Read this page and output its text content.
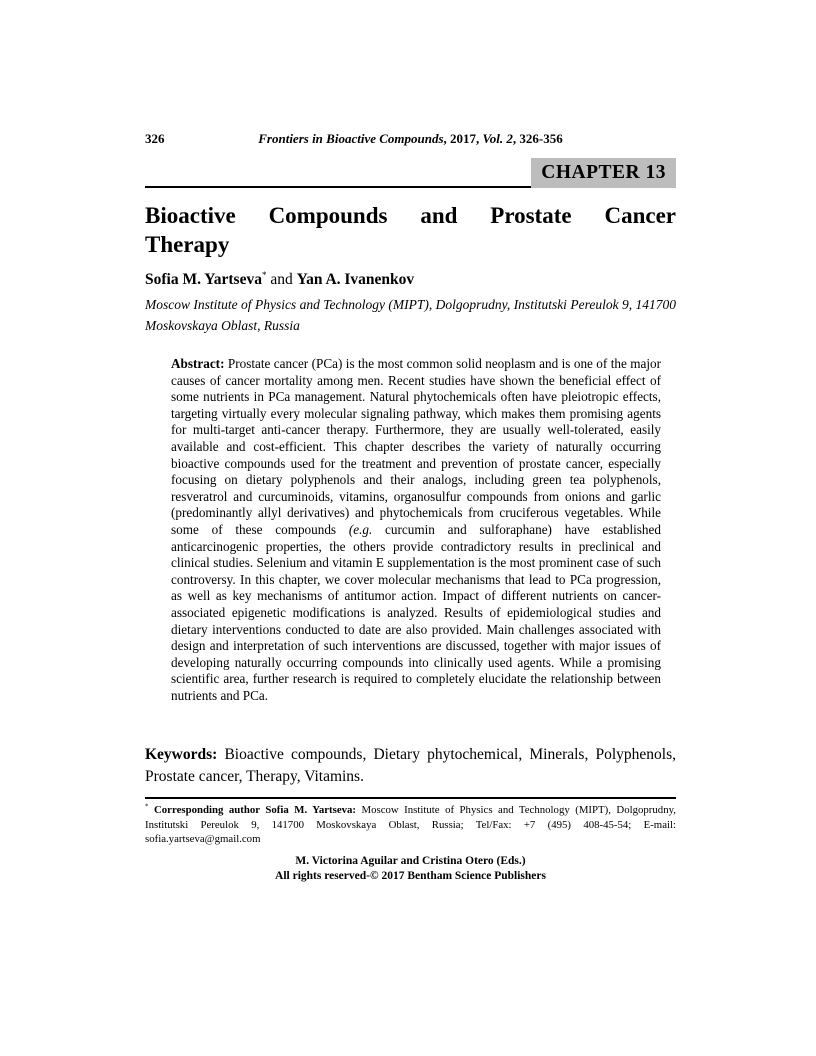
326	Frontiers in Bioactive Compounds, 2017, Vol. 2, 326-356
CHAPTER 13
Bioactive Compounds and Prostate Cancer
Therapy
Sofia M. Yartseva* and Yan A. Ivanenkov
Moscow Institute of Physics and Technology (MIPT), Dolgoprudny, Institutski Pereulok 9, 141700 Moskovskaya Oblast, Russia
Abstract: Prostate cancer (PCa) is the most common solid neoplasm and is one of the major causes of cancer mortality among men. Recent studies have shown the beneficial effect of some nutrients in PCa management. Natural phytochemicals often have pleiotropic effects, targeting virtually every molecular signaling pathway, which makes them promising agents for multi-target anti-cancer therapy. Furthermore, they are usually well-tolerated, easily available and cost-efficient. This chapter describes the variety of naturally occurring bioactive compounds used for the treatment and prevention of prostate cancer, especially focusing on dietary polyphenols and their analogs, including green tea polyphenols, resveratrol and curcuminoids, vitamins, organosulfur compounds from onions and garlic (predominantly allyl derivatives) and phytochemicals from cruciferous vegetables. While some of these compounds (e.g. curcumin and sulforaphane) have established anticarcinogenic properties, the others provide contradictory results in preclinical and clinical studies. Selenium and vitamin E supplementation is the most prominent case of such controversy. In this chapter, we cover molecular mechanisms that lead to PCa progression, as well as key mechanisms of antitumor action. Impact of different nutrients on cancer-associated epigenetic modifications is analyzed. Results of epidemiological studies and dietary interventions conducted to date are also provided. Main challenges associated with design and interpretation of such interventions are discussed, together with major issues of developing naturally occurring compounds into clinically used agents. While a promising scientific area, further research is required to completely elucidate the relationship between nutrients and PCa.
Keywords: Bioactive compounds, Dietary phytochemical, Minerals, Polyphenols, Prostate cancer, Therapy, Vitamins.
* Corresponding author Sofia M. Yartseva: Moscow Institute of Physics and Technology (MIPT), Dolgoprudny, Institutski Pereulok 9, 141700 Moskovskaya Oblast, Russia; Tel/Fax: +7 (495) 408-45-54; E-mail: sofia.yartseva@gmail.com
M. Victorina Aguilar and Cristina Otero (Eds.)
All rights reserved-© 2017 Bentham Science Publishers
